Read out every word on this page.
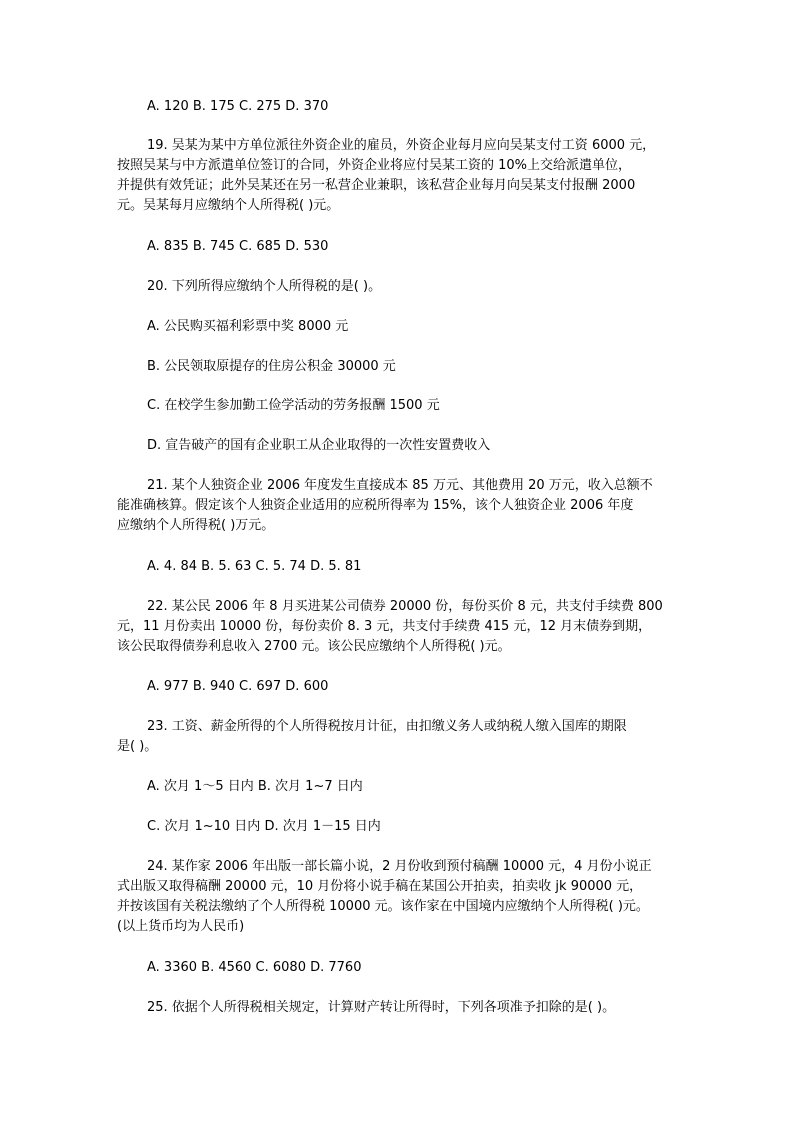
A. 120 B. 175 C. 275 D. 370
19. 吴某为某中方单位派往外资企业的雇员，外资企业每月应向吴某支付工资 6000 元，
按照吴某与中方派遣单位签订的合同，外资企业将应付吴某工资的 10%上交给派遣单位，
并提供有效凭证；此外吴某还在另一私营企业兼职，该私营企业每月向吴某支付报酬 2000
元。吴某每月应缴纳个人所得税( )元。
A. 835 B. 745 C. 685 D. 530
20. 下列所得应缴纳个人所得税的是( )。
A. 公民购买福利彩票中奖 8000 元
B. 公民领取原提存的住房公积金 30000 元
C. 在校学生参加勤工俭学活动的劳务报酬 1500 元
D. 宣告破产的国有企业职工从企业取得的一次性安置费收入
21. 某个人独资企业 2006 年度发生直接成本 85 万元、其他费用 20 万元，收入总额不
能准确核算。假定该个人独资企业适用的应税所得率为 15%，该个人独资企业 2006 年度
应缴纳个人所得税( )万元。
A. 4. 84 B. 5. 63 C. 5. 74 D. 5. 81
22. 某公民 2006 年 8 月买进某公司债券 20000 份，每份买价 8 元，共支付手续费 800
元，11 月份卖出 10000 份，每份卖价 8. 3 元，共支付手续费 415 元，12 月末债券到期，
该公民取得债券利息收入 2700 元。该公民应缴纳个人所得税( )元。
A. 977 B. 940 C. 697 D. 600
23. 工资、薪金所得的个人所得税按月计征，由扣缴义务人或纳税人缴入国库的期限
是( )。
A. 次月 1～5 日内 B. 次月 1~7 日内
C. 次月 1~10 日内 D. 次月 1－15 日内
24. 某作家 2006 年出版一部长篇小说，2 月份收到预付稿酬 10000 元，4 月份小说正
式出版又取得稿酬 20000 元，10 月份将小说手稿在某国公开拍卖，拍卖收 jk 90000 元，
并按该国有关税法缴纳了个人所得税 10000 元。该作家在中国境内应缴纳个人所得税( )元。
(以上货币均为人民币)
A. 3360 B. 4560 C. 6080 D. 7760
25. 依据个人所得税相关规定，计算财产转让所得时，下列各项准予扣除的是( )。
